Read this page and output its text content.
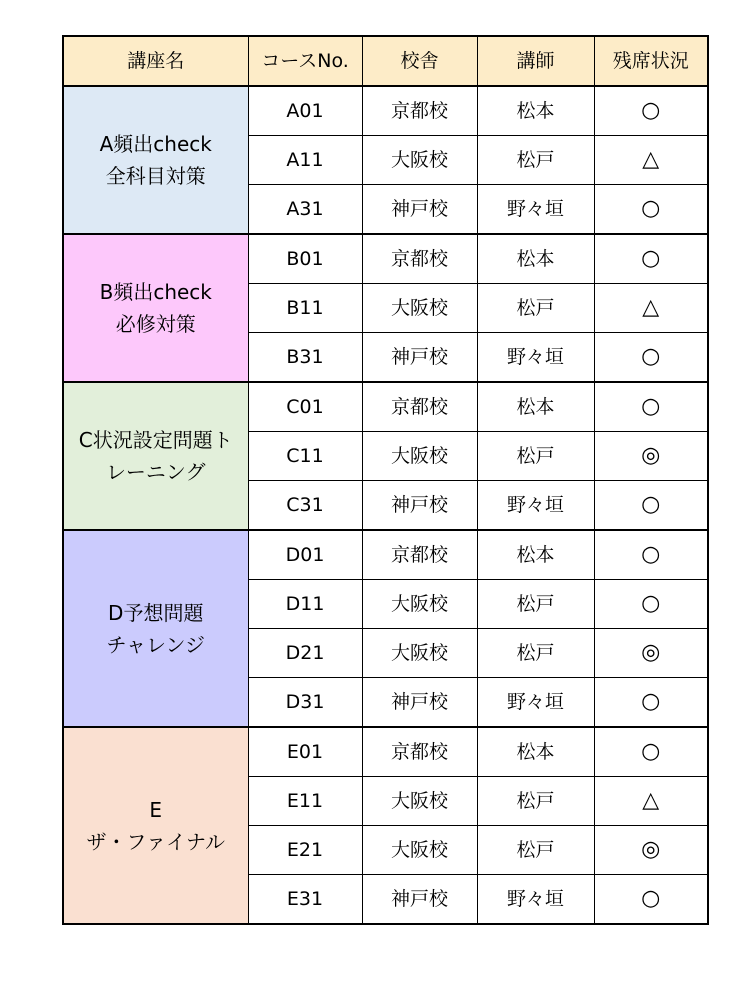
講座名	コースNo.	校舎	講師	残席状況

A頻出check
全科目対策	A01	京都校	松本	○
	A11	大阪校	松戸	△
	A31	神戸校	野々垣	○

B頻出check
必修対策	B01	京都校	松本	○
	B11	大阪校	松戸	△
	B31	神戸校	野々垣	○

C状況設定問題ト
レーニング	C01	京都校	松本	○
	C11	大阪校	松戸	◎
	C31	神戸校	野々垣	○

D予想問題
チャレンジ	D01	京都校	松本	○
	D11	大阪校	松戸	○
	D21	大阪校	松戸	◎
	D31	神戸校	野々垣	○

E
ザ・ファイナル	E01	京都校	松本	○
	E11	大阪校	松戸	△
	E21	大阪校	松戸	◎
	E31	神戸校	野々垣	○
